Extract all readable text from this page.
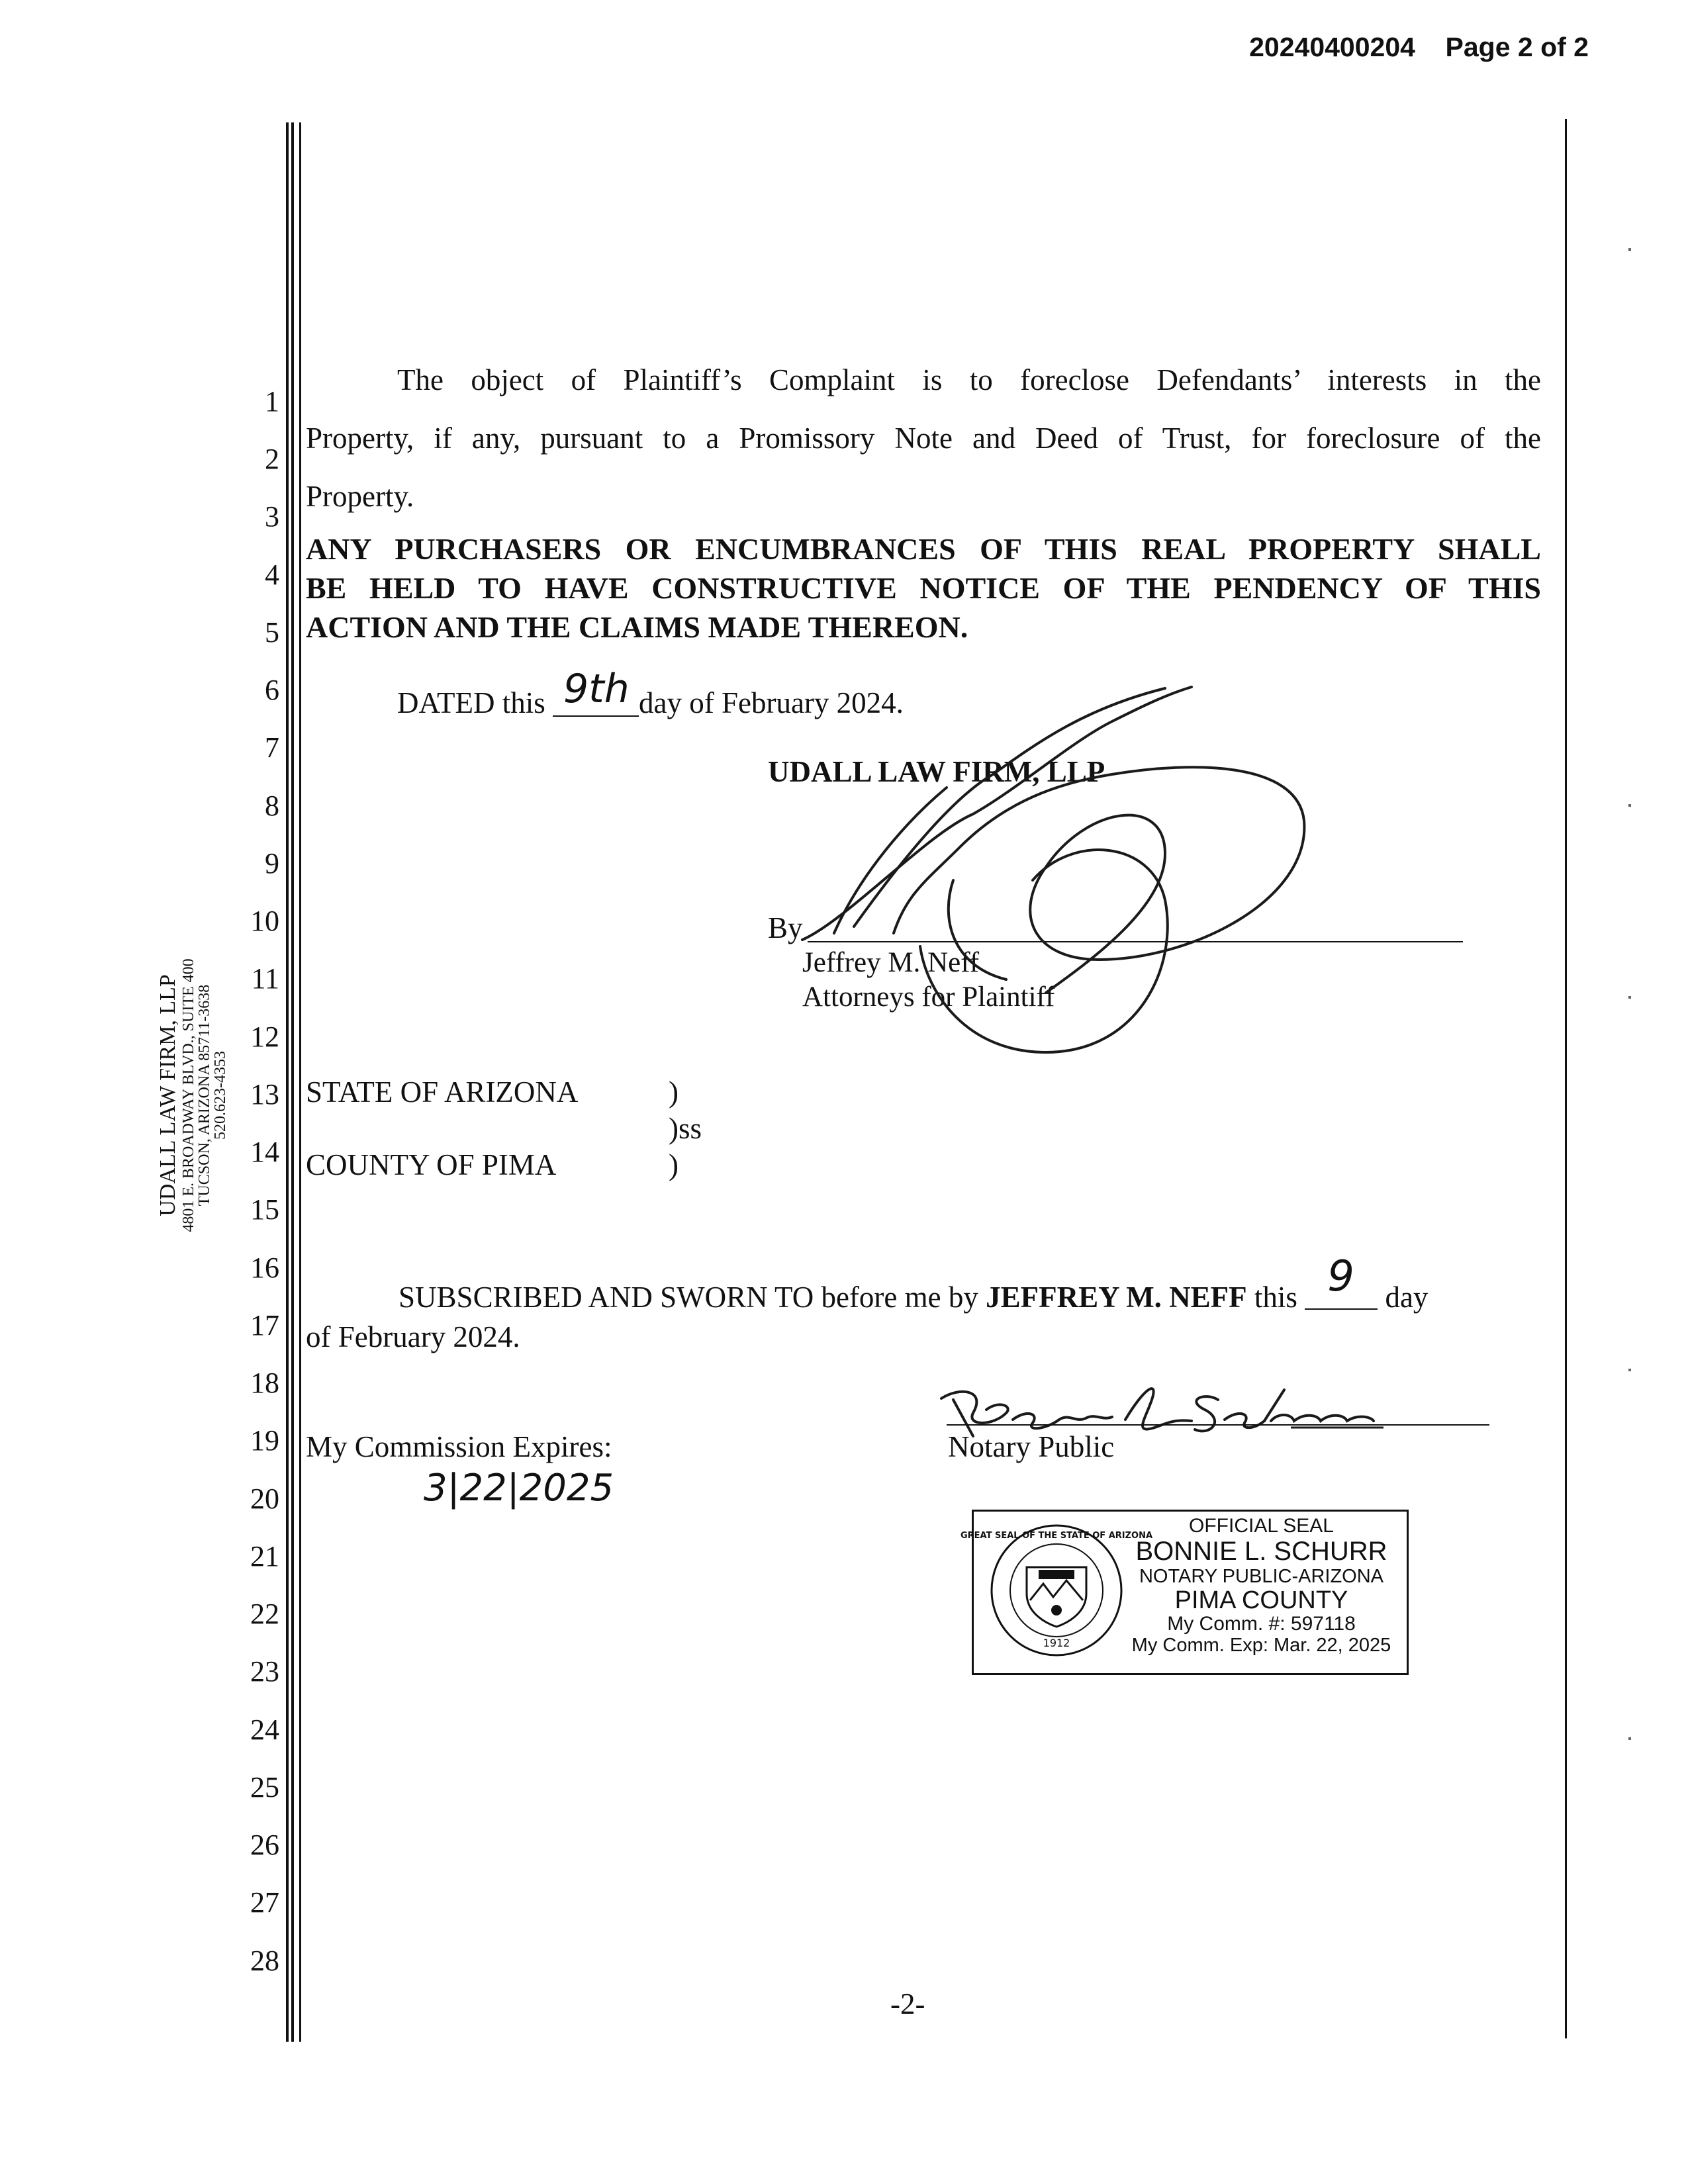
20240400204 Page 2 of 2
1
2
3
4
5
6
7
8
9
10
11
12
13
14
15
16
17
18
19
20
21
22
23
24
25
26
27
28
UDALL LAW FIRM, LLP 4801 E. BROADWAY BLVD., SUITE 400
TUCSON, ARIZONA 85711-3638
520.623-4353
The object of Plaintiff’s Complaint is to foreclose Defendants’ interests in the
Property, if any, pursuant to a Promissory Note and Deed of Trust, for foreclosure of the
Property.
ANY PURCHASERS OR ENCUMBRANCES OF THIS REAL PROPERTY SHALL
BE HELD TO HAVE CONSTRUCTIVE NOTICE OF THE PENDENCY OF THIS
ACTION AND THE CLAIMS MADE THEREON.
DATED this 9th day of February 2024.
UDALL LAW FIRM, LLP
By
Jeffrey M. Neff
Attorneys for Plaintiff
STATE OF ARIZONA	)
)ss
COUNTY OF PIMA	)
SUBSCRIBED AND SWORN TO before me by JEFFREY M. NEFF this 9 day
of February 2024.
Notary Public
My Commission Expires:
3|22|2025
1912
GREAT SEAL OF THE STATE OF ARIZONA	OFFICIAL SEAL
BONNIE L. SCHURR
NOTARY PUBLIC-ARIZONA
PIMA COUNTY
My Comm. #: 597118
My Comm. Exp: Mar. 22, 2025
-2-
